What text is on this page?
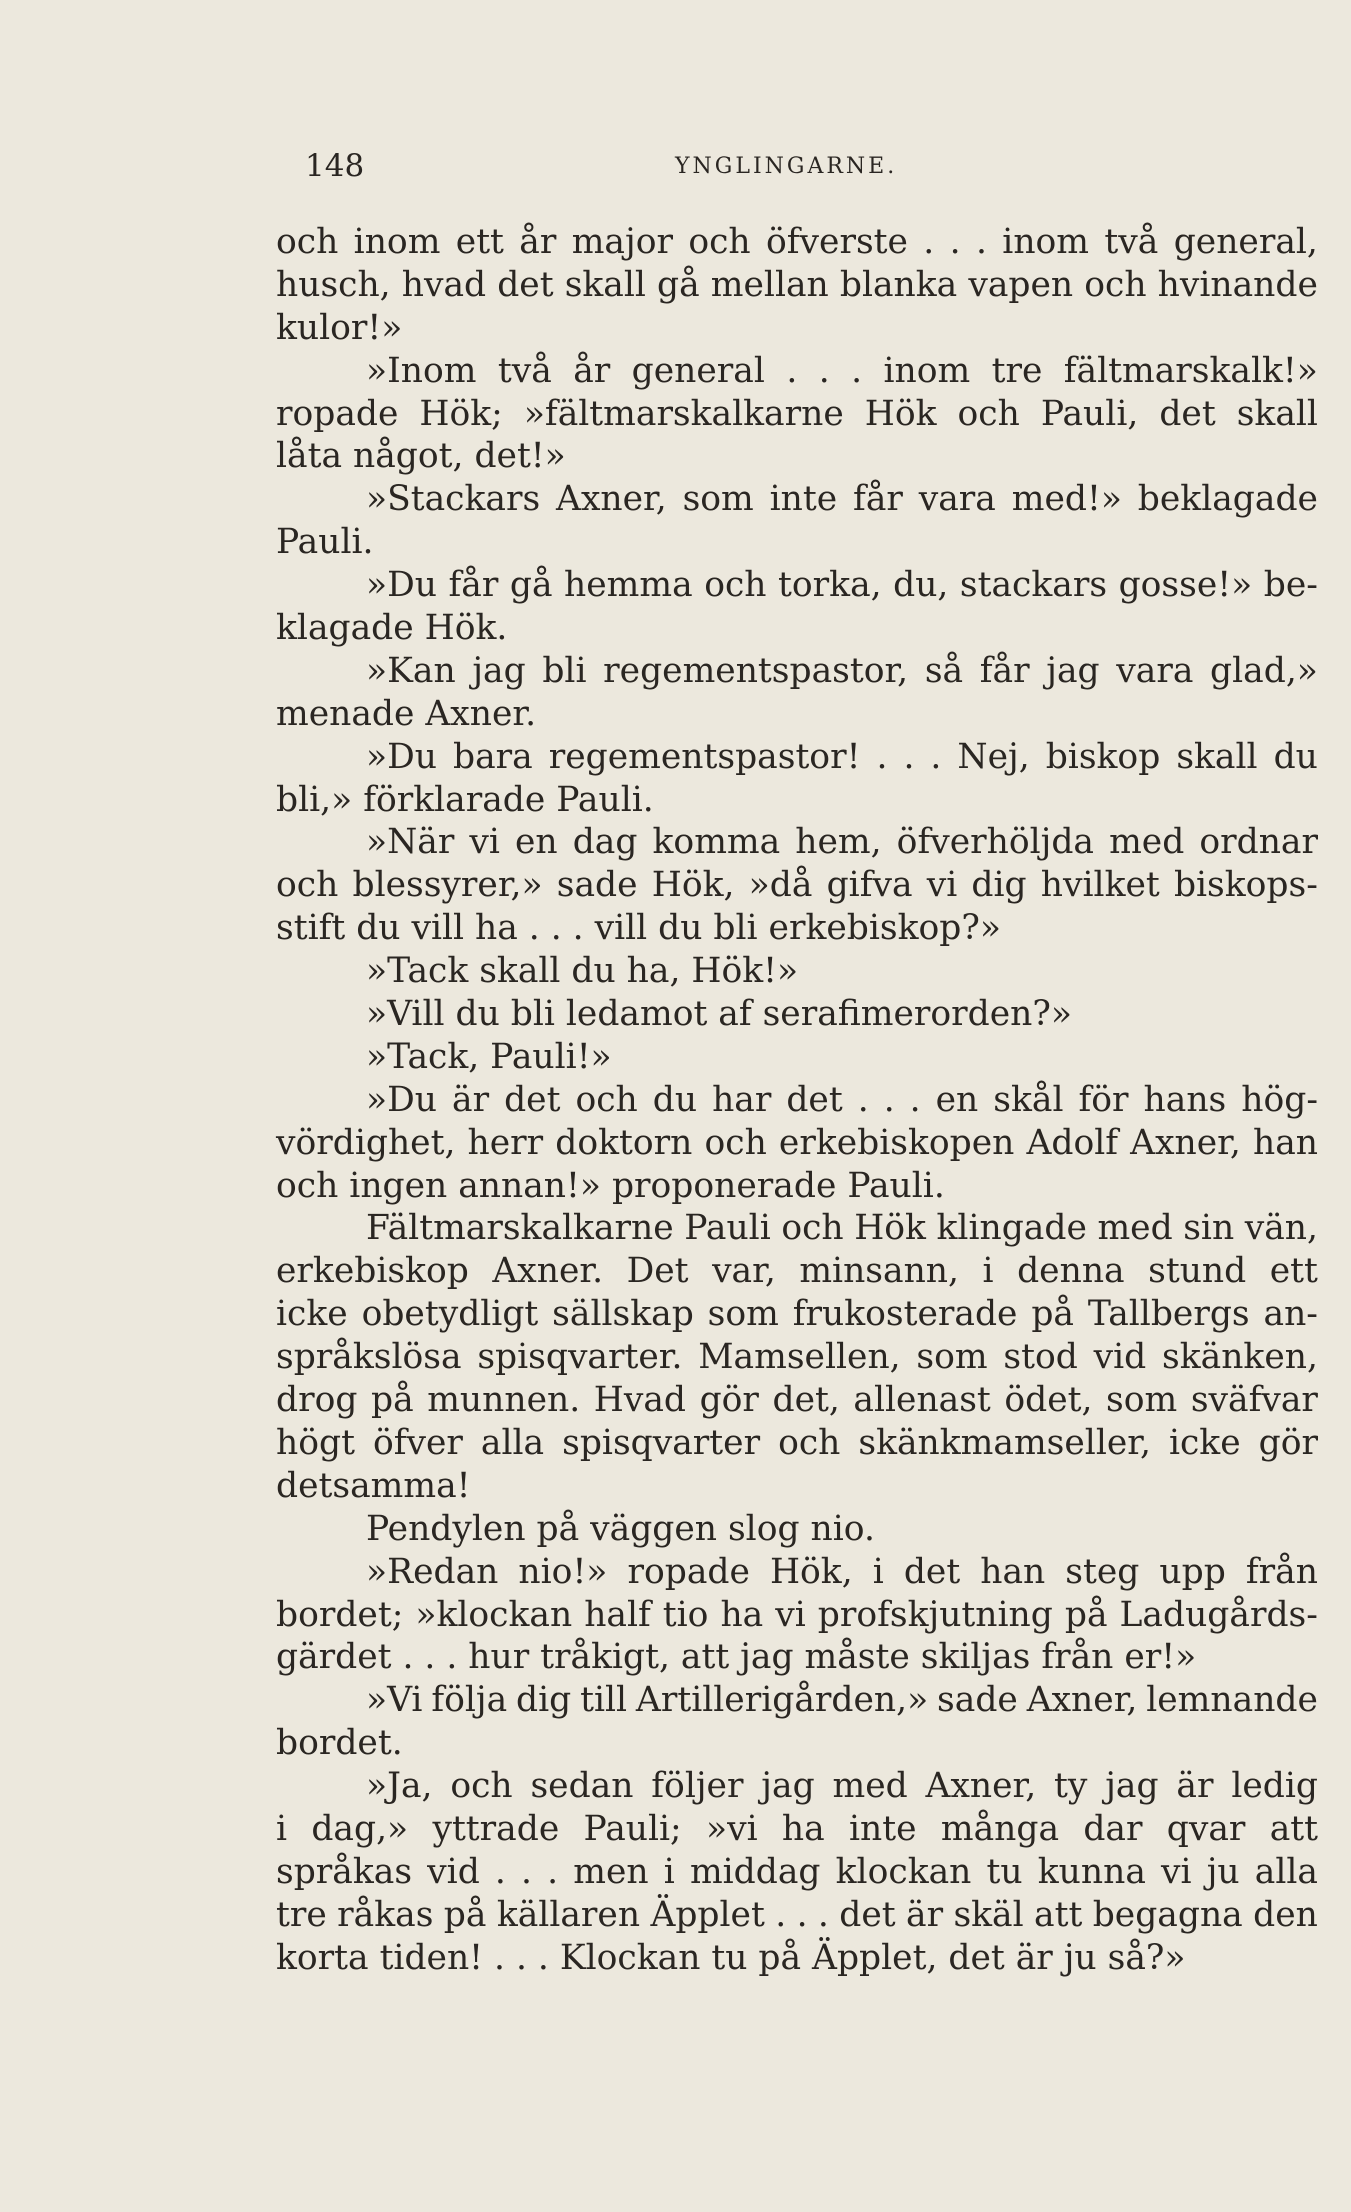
148	YNGLINGARNE.
och inom ett år major och öfverste . . . inom två general,
husch, hvad det skall gå mellan blanka vapen och hvinande
kulor!»
»Inom två år general . . . inom tre fältmarskalk!»
ropade Hök; »fältmarskalkarne Hök och Pauli, det skall
låta något, det!»
»Stackars Axner, som inte får vara med!» beklagade
Pauli.
»Du får gå hemma och torka, du, stackars gosse!» be-
klagade Hök.
»Kan jag bli regementspastor, så får jag vara glad,»
menade Axner.
»Du bara regementspastor! . . . Nej, biskop skall du
bli,» förklarade Pauli.
»När vi en dag komma hem, öfverhöljda med ordnar
och blessyrer,» sade Hök, »då gifva vi dig hvilket biskops-
stift du vill ha . . . vill du bli erkebiskop?»
»Tack skall du ha, Hök!»
»Vill du bli ledamot af serafimerorden?»
»Tack, Pauli!»
»Du är det och du har det . . . en skål för hans hög-
vördighet, herr doktorn och erkebiskopen Adolf Axner, han
och ingen annan!» proponerade Pauli.
Fältmarskalkarne Pauli och Hök klingade med sin vän,
erkebiskop Axner. Det var, minsann, i denna stund ett
icke obetydligt sällskap som frukosterade på Tallbergs an-
språkslösa spisqvarter. Mamsellen, som stod vid skänken,
drog på munnen. Hvad gör det, allenast ödet, som sväfvar
högt öfver alla spisqvarter och skänkmamseller, icke gör
detsamma!
Pendylen på väggen slog nio.
»Redan nio!» ropade Hök, i det han steg upp från
bordet; »klockan half tio ha vi profskjutning på Ladugårds-
gärdet . . . hur tråkigt, att jag måste skiljas från er!»
»Vi följa dig till Artillerigården,» sade Axner, lemnande
bordet.
»Ja, och sedan följer jag med Axner, ty jag är ledig
i dag,» yttrade Pauli; »vi ha inte många dar qvar att
språkas vid . . . men i middag klockan tu kunna vi ju alla
tre råkas på källaren Äpplet . . . det är skäl att begagna den
korta tiden! . . . Klockan tu på Äpplet, det är ju så?»
